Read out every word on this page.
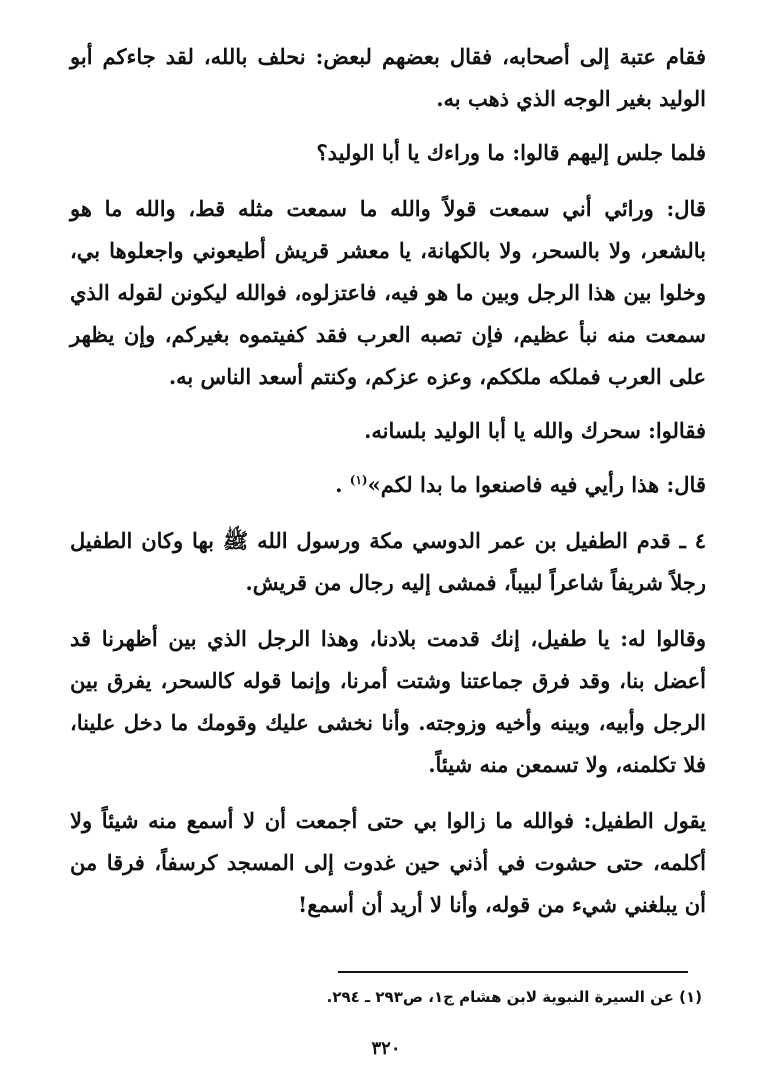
فقام عتبة إلى أصحابه، فقال بعضهم لبعض: نحلف بالله، لقد جاءكم أبو الوليد بغير الوجه الذي ذهب به.

فلما جلس إليهم قالوا: ما وراءك يا أبا الوليد؟

قال: ورائي أني سمعت قولاً والله ما سمعت مثله قط، والله ما هو بالشعر، ولا بالسحر، ولا بالكهانة، يا معشر قريش أطيعوني واجعلوها بي، وخلوا بين هذا الرجل وبين ما هو فيه، فاعتزلوه، فوالله ليكونن لقوله الذي سمعت منه نبأ عظيم، فإن تصبه العرب فقد كفيتموه بغيركم، وإن يظهر على العرب فملكه ملككم، وعزه عزكم، وكنتم أسعد الناس به.

فقالوا: سحرك والله يا أبا الوليد بلسانه.

قال: هذا رأيي فيه فاصنعوا ما بدا لكم»$^{(١)}$ .

٤ ـ قدم الطفيل بن عمر الدوسي مكة ورسول الله ﷺ بها وكان الطفيل رجلاً شريفاً شاعراً لبيباً، فمشى إليه رجال من قريش.

وقالوا له: يا طفيل، إنك قدمت بلادنا، وهذا الرجل الذي بين أظهرنا قد أعضل بنا، وقد فرق جماعتنا وشتت أمرنا، وإنما قوله كالسحر، يفرق بين الرجل وأبيه، وبينه وأخيه وزوجته. وأنا نخشى عليك وقومك ما دخل علينا، فلا تكلمنه، ولا تسمعن منه شيئاً.

يقول الطفيل: فوالله ما زالوا بي حتى أجمعت أن لا أسمع منه شيئاً ولا أكلمه، حتى حشوت في أذني حين غدوت إلى المسجد كرسفاً، فرقا من أن يبلغني شيء من قوله، وأنا لا أريد أن أسمع!

(١) عن السيرة النبوية لابن هشام ج١، ص٢٩٣ ـ ٢٩٤.

٣٢٠
